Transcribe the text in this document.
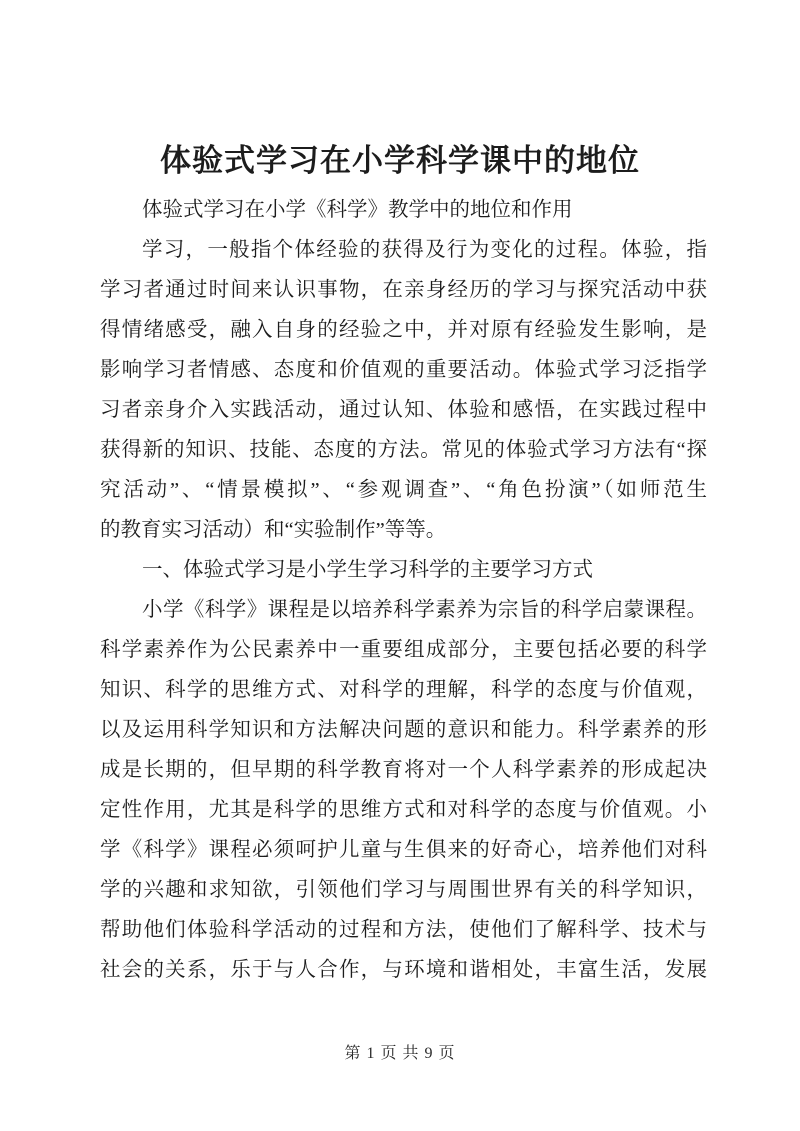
体验式学习在小学科学课中的地位
体验式学习在小学《科学》教学中的地位和作用
学习，一般指个体经验的获得及行为变化的过程。体验，指
学习者通过时间来认识事物，在亲身经历的学习与探究活动中获
得情绪感受，融入自身的经验之中，并对原有经验发生影响，是
影响学习者情感、态度和价值观的重要活动。体验式学习泛指学
习者亲身介入实践活动，通过认知、体验和感悟，在实践过程中
获得新的知识、技能、态度的方法。常见的体验式学习方法有“探
究活动”、“情景模拟”、“参观调查”、“角色扮演”（如师范生
的教育实习活动）和“实验制作”等等。
一、体验式学习是小学生学习科学的主要学习方式
小学《科学》课程是以培养科学素养为宗旨的科学启蒙课程。
科学素养作为公民素养中一重要组成部分，主要包括必要的科学
知识、科学的思维方式、对科学的理解，科学的态度与价值观，
以及运用科学知识和方法解决问题的意识和能力。科学素养的形
成是长期的，但早期的科学教育将对一个人科学素养的形成起决
定性作用，尤其是科学的思维方式和对科学的态度与价值观。小
学《科学》课程必须呵护儿童与生俱来的好奇心，培养他们对科
学的兴趣和求知欲，引领他们学习与周围世界有关的科学知识，
帮助他们体验科学活动的过程和方法，使他们了解科学、技术与
社会的关系，乐于与人合作，与环境和谐相处，丰富生活，发展
第 1 页 共 9 页
